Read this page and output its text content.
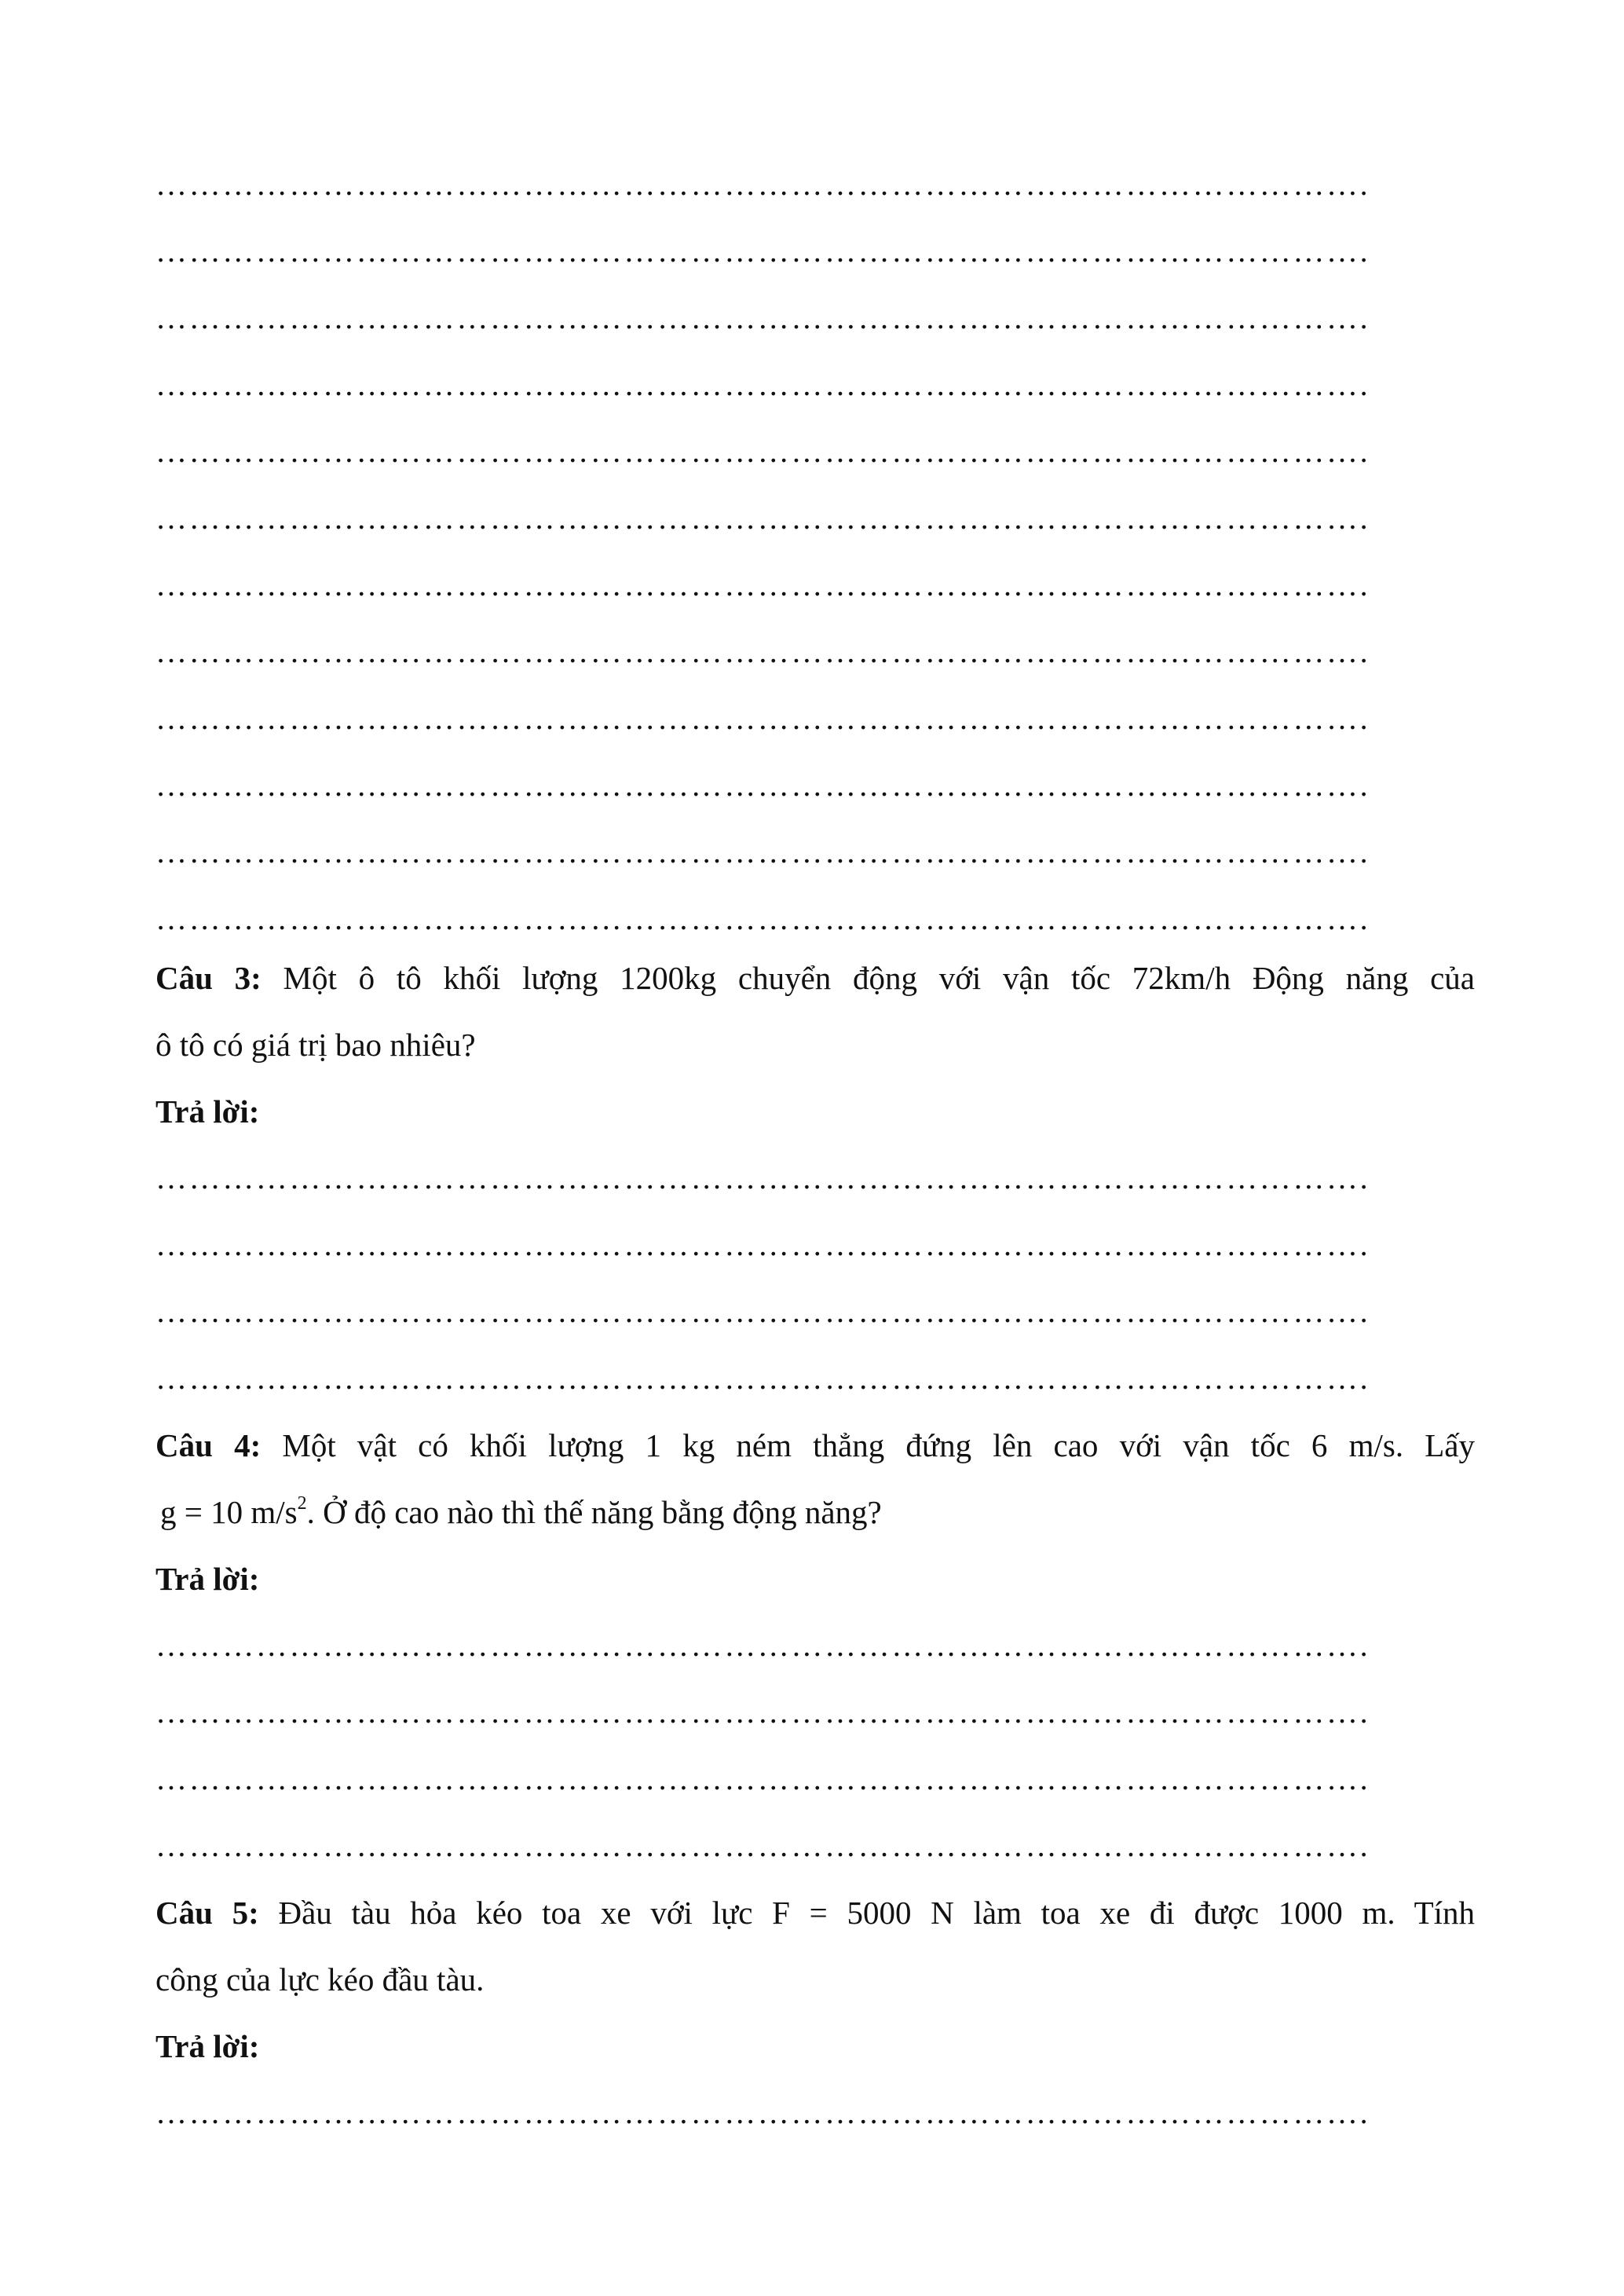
……………………………………………………………………………………………….
……………………………………………………………………………………………….
……………………………………………………………………………………………….
……………………………………………………………………………………………….
……………………………………………………………………………………………….
……………………………………………………………………………………………….
……………………………………………………………………………………………….
……………………………………………………………………………………………….
……………………………………………………………………………………………….
……………………………………………………………………………………………….
……………………………………………………………………………………………….
……………………………………………………………………………………………….
Câu 3: Một ô tô khối lượng 1200kg chuyển động với vận tốc 72km/h Động năng của
ô tô có giá trị bao nhiêu?
Trả lời:
……………………………………………………………………………………………….
……………………………………………………………………………………………….
……………………………………………………………………………………………….
……………………………………………………………………………………………….
Câu 4: Một vật có khối lượng 1 kg ném thẳng đứng lên cao với vận tốc 6 m/s. Lấy
g = 10 $m/s^2$. Ở độ cao nào thì thế năng bằng động năng?
Trả lời:
……………………………………………………………………………………………….
……………………………………………………………………………………………….
……………………………………………………………………………………………….
……………………………………………………………………………………………….
Câu 5: Đầu tàu hỏa kéo toa xe với lực F = 5000 N làm toa xe đi được 1000 m. Tính
công của lực kéo đầu tàu.
Trả lời:
……………………………………………………………………………………………….
